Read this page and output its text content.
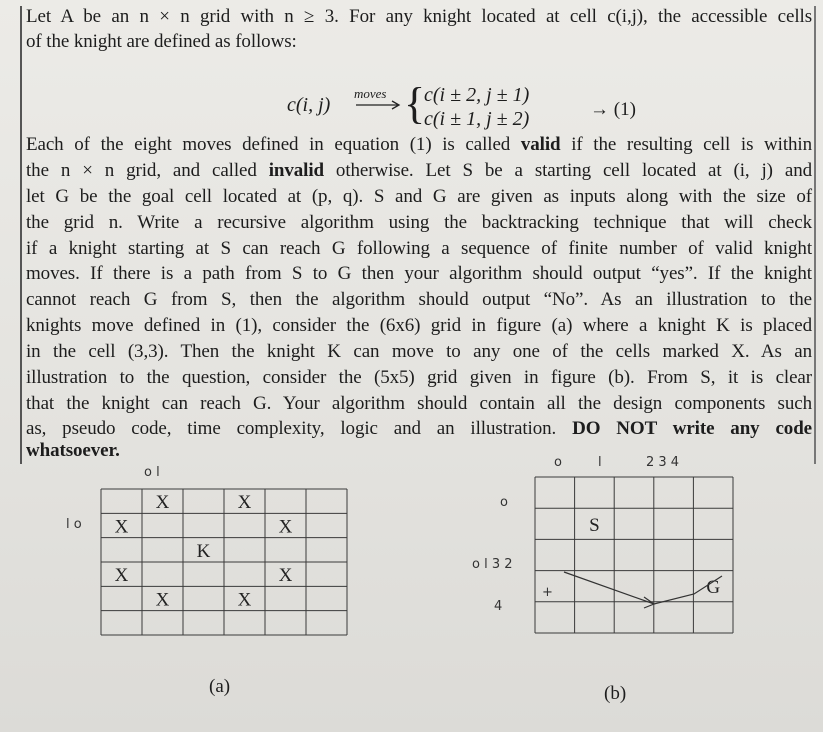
Let A be an n × n grid with n ≥ 3. For any knight located at cell c(i,j), the accessible cells
of the knight are defined as follows:
c(i, j)
moves {
c(i ± 2, j ± 1)
c(i ± 1, j ± 2)	→ (1)
Each of the eight moves defined in equation (1) is called valid if the resulting cell is within
the n × n grid, and called invalid otherwise. Let S be a starting cell located at (i, j) and
let G be the goal cell located at (p, q). S and G are given as inputs along with the size of
the grid n. Write a recursive algorithm using the backtracking technique that will check
if a knight starting at S can reach G following a sequence of finite number of valid knight
moves. If there is a path from S to G then your algorithm should output “yes”. If the knight
cannot reach G from S, then the algorithm should output “No”. As an illustration to the
knights move defined in (1), consider the (6x6) grid in figure (a) where a knight K is placed
in the cell (3,3). Then the knight K can move to any one of the cells marked X. As an
illustration to the question, consider the (5x5) grid given in figure (b). From S, it is clear
that the knight can reach G. Your algorithm should contain all the design components such
as, pseudo code, time complexity, logic and an illustration. DO NOT write any code
whatsoever.
X	X
X	X
K
X	X
X	X
S
G
o l
l o
o	l	2 3 4
o
o l 3 2
4
+
(a)	(b)
